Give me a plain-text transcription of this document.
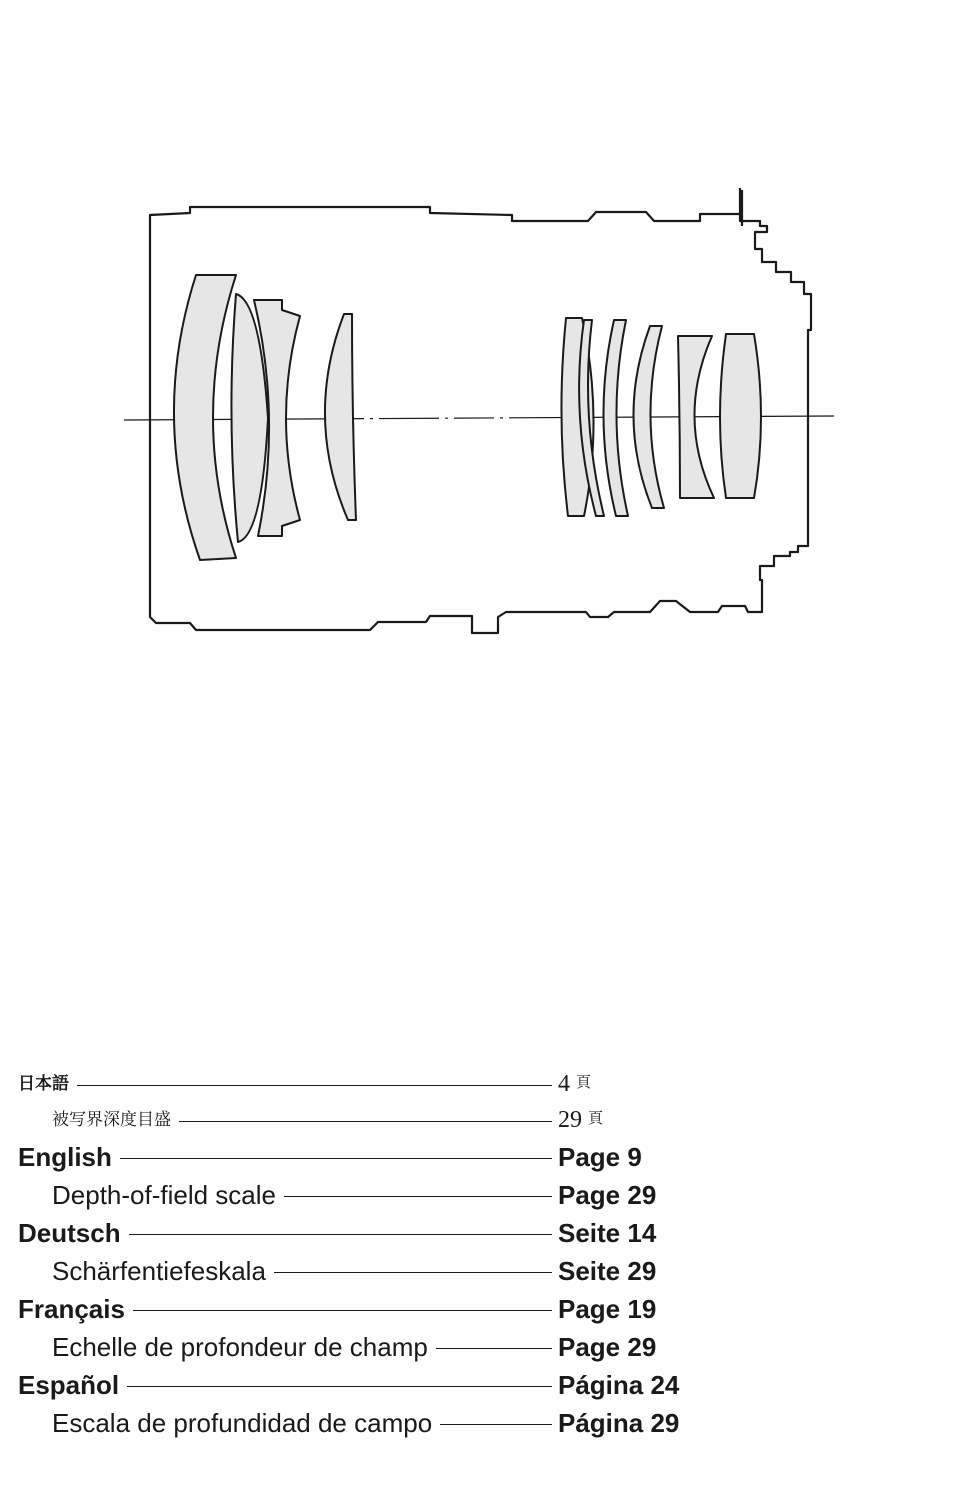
日本語	4 頁
被写界深度目盛	29 頁
English	Page 9
Depth-of-field scale	Page 29
Deutsch	Seite 14
Schärfentiefeskala	Seite 29
Français	Page 19
Echelle de profondeur de champ	Page 29
Español	Página 24
Escala de profundidad de campo	Página 29
